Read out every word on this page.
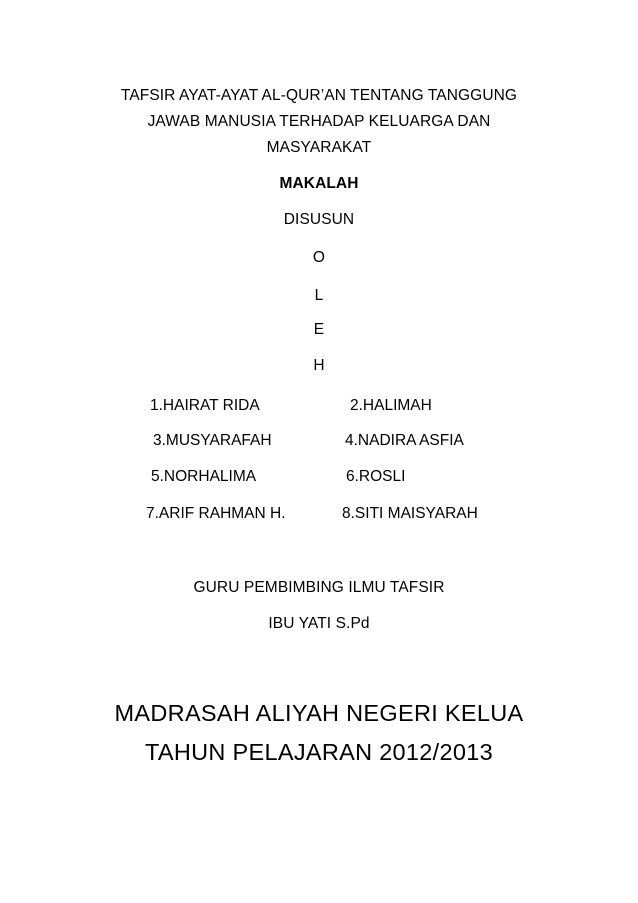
TAFSIR AYAT-AYAT AL-QUR’AN TENTANG TANGGUNG
JAWAB MANUSIA TERHADAP KELUARGA DAN
MASYARAKAT
MAKALAH
DISUSUN
O
L
E
H
1.HAIRAT RIDA	2.HALIMAH
3.MUSYARAFAH	4.NADIRA ASFIA
5.NORHALIMA	6.ROSLI
7.ARIF RAHMAN H.	8.SITI MAISYARAH
GURU PEMBIMBING ILMU TAFSIR
IBU YATI S.Pd
MADRASAH ALIYAH NEGERI KELUA
TAHUN PELAJARAN 2012/2013
